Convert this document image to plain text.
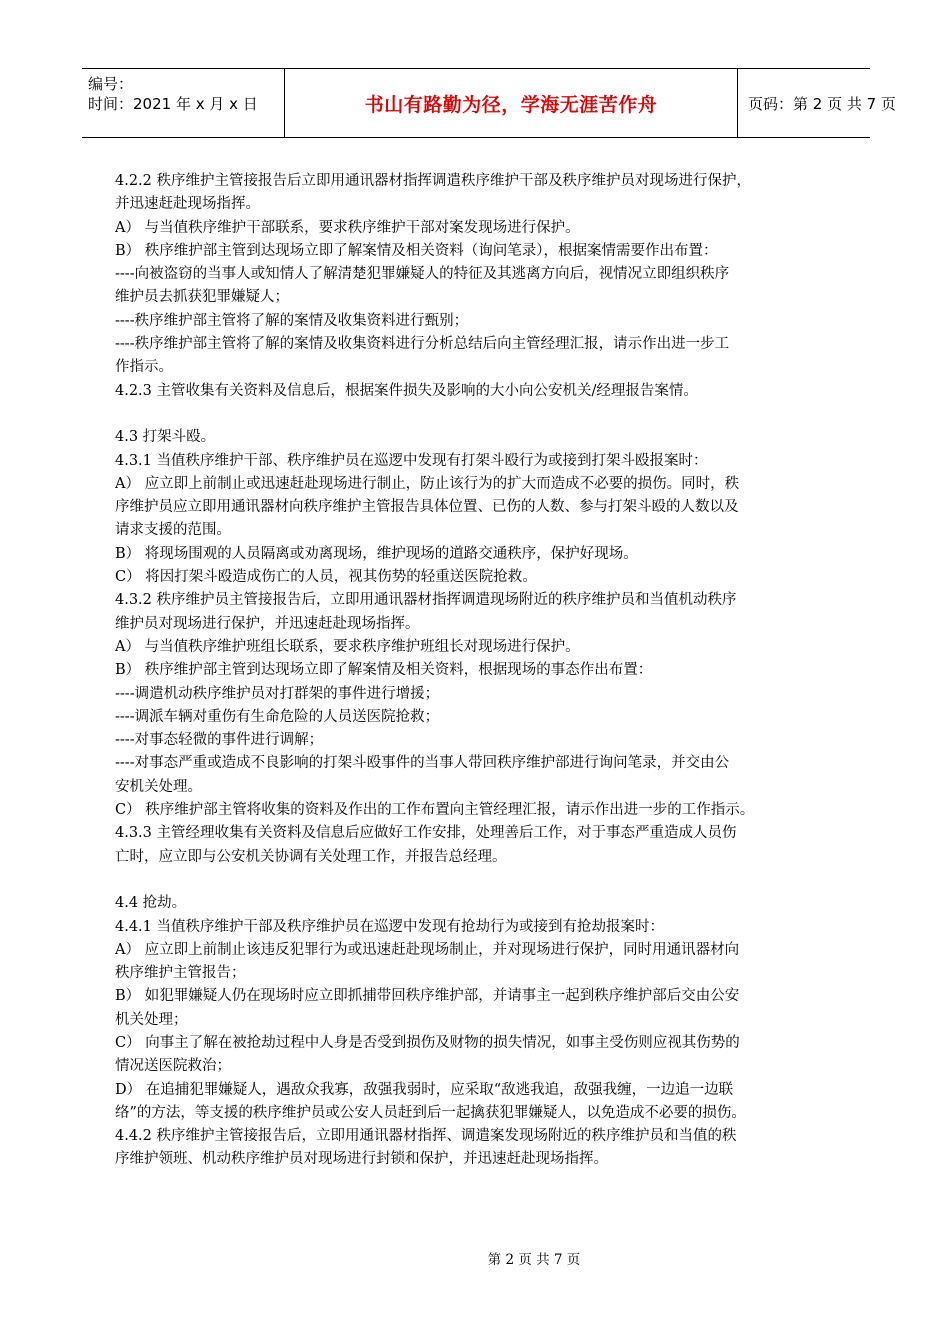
编号：
时间：2021 年 x 月 x 日	书山有路勤为径，学海无涯苦作舟	页码：第 2 页 共 7 页
4.2.2 秩序维护主管接报告后立即用通讯器材指挥调遣秩序维护干部及秩序维护员对现场进行保护，
并迅速赶赴现场指挥。
A） 与当值秩序维护干部联系，要求秩序维护干部对案发现场进行保护。
B） 秩序维护部主管到达现场立即了解案情及相关资料（询问笔录），根据案情需要作出布置：
----向被盗窃的当事人或知情人了解清楚犯罪嫌疑人的特征及其逃离方向后，视情况立即组织秩序
维护员去抓获犯罪嫌疑人；
----秩序维护部主管将了解的案情及收集资料进行甄别；
----秩序维护部主管将了解的案情及收集资料进行分析总结后向主管经理汇报，请示作出进一步工
作指示。
4.2.3 主管收集有关资料及信息后，根据案件损失及影响的大小向公安机关/经理报告案情。
4.3 打架斗殴。
4.3.1 当值秩序维护干部、秩序维护员在巡逻中发现有打架斗殴行为或接到打架斗殴报案时：
A） 应立即上前制止或迅速赶赴现场进行制止，防止该行为的扩大而造成不必要的损伤。同时，秩
序维护员应立即用通讯器材向秩序维护主管报告具体位置、已伤的人数、参与打架斗殴的人数以及
请求支援的范围。
B） 将现场围观的人员隔离或劝离现场，维护现场的道路交通秩序，保护好现场。
C） 将因打架斗殴造成伤亡的人员，视其伤势的轻重送医院抢救。
4.3.2 秩序维护员主管接报告后，立即用通讯器材指挥调遣现场附近的秩序维护员和当值机动秩序
维护员对现场进行保护，并迅速赶赴现场指挥。
A） 与当值秩序维护班组长联系，要求秩序维护班组长对现场进行保护。
B） 秩序维护部主管到达现场立即了解案情及相关资料，根据现场的事态作出布置：
----调遣机动秩序维护员对打群架的事件进行增援；
----调派车辆对重伤有生命危险的人员送医院抢救；
----对事态轻微的事件进行调解；
----对事态严重或造成不良影响的打架斗殴事件的当事人带回秩序维护部进行询问笔录，并交由公
安机关处理。
C） 秩序维护部主管将收集的资料及作出的工作布置向主管经理汇报，请示作出进一步的工作指示。
4.3.3 主管经理收集有关资料及信息后应做好工作安排，处理善后工作，对于事态严重造成人员伤
亡时，应立即与公安机关协调有关处理工作，并报告总经理。
4.4 抢劫。
4.4.1 当值秩序维护干部及秩序维护员在巡逻中发现有抢劫行为或接到有抢劫报案时：
A） 应立即上前制止该违反犯罪行为或迅速赶赴现场制止，并对现场进行保护，同时用通讯器材向
秩序维护主管报告；
B） 如犯罪嫌疑人仍在现场时应立即抓捕带回秩序维护部，并请事主一起到秩序维护部后交由公安
机关处理；
C） 向事主了解在被抢劫过程中人身是否受到损伤及财物的损失情况，如事主受伤则应视其伤势的
情况送医院救治；
D） 在追捕犯罪嫌疑人，遇敌众我寡，敌强我弱时，应采取“敌逃我追，敌强我缠，一边追一边联
络”的方法，等支援的秩序维护员或公安人员赶到后一起擒获犯罪嫌疑人，以免造成不必要的损伤。
4.4.2 秩序维护主管接报告后，立即用通讯器材指挥、调遣案发现场附近的秩序维护员和当值的秩
序维护领班、机动秩序维护员对现场进行封锁和保护，并迅速赶赴现场指挥。
第 2 页 共 7 页
